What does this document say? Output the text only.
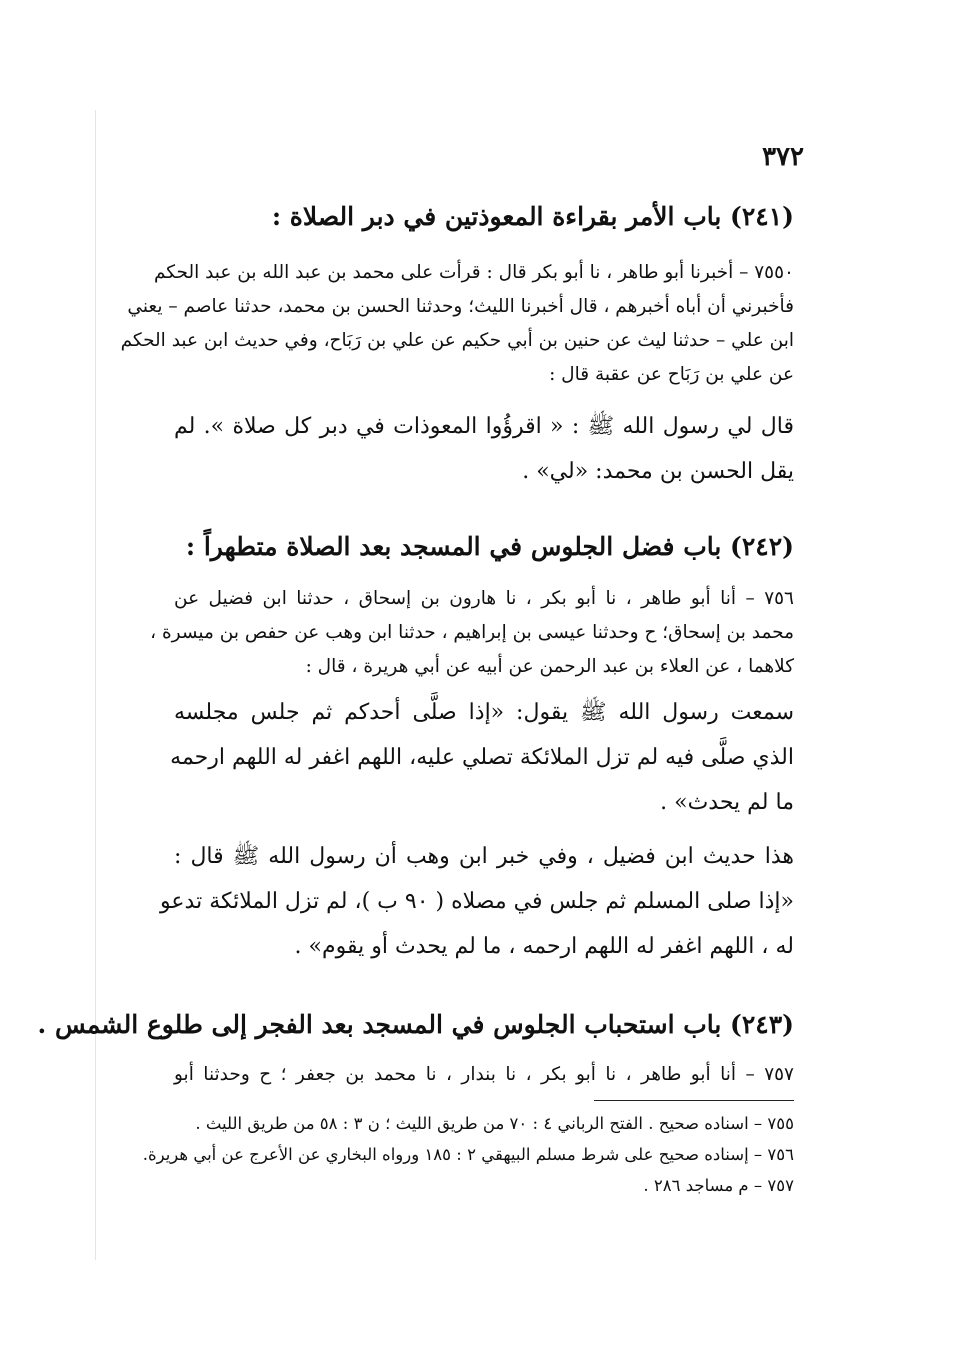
٣٧٢
(٢٤١) باب الأمر بقراءة المعوذتين في دبر الصلاة :
٧٥٥٠ – أخبرنا أبو طاهر ، نا أبو بكر قال : قرأت على محمد بن عبد الله بن عبد الحكم
فأخبرني أن أباه أخبرهم ، قال أخبرنا الليث؛ وحدثنا الحسن بن محمد، حدثنا عاصم – يعني
ابن علي – حدثنا ليث عن حنين بن أبي حكيم عن علي بن رَبَاح، وفي حديث ابن عبد الحكم
عن علي بن رَبَاح عن عقبة قال :
قال لي رسول الله ﷺ : « اقرؤُوا المعوذات في دبر كل صلاة ». لم
يقل الحسن بن محمد: «لي» .
(٢٤٢) باب فضل الجلوس في المسجد بعد الصلاة متطهراً :
٧٥٦ – أنا أبو طاهر ، نا أبو بكر ، نا هارون بن إسحاق ، حدثنا ابن فضيل عن
محمد بن إسحاق؛ ح وحدثنا عيسى بن إبراهيم ، حدثنا ابن وهب عن حفص بن ميسرة ،
كلاهما ، عن العلاء بن عبد الرحمن عن أبيه عن أبي هريرة ، قال :
سمعت رسول الله ﷺ يقول: «إذا صلَّى أحدكم ثم جلس مجلسه
الذي صلَّى فيه لم تزل الملائكة تصلي عليه، اللهم اغفر له اللهم ارحمه
ما لم يحدث» .
هذا حديث ابن فضيل ، وفي خبر ابن وهب أن رسول الله ﷺ قال :
«إذا صلى المسلم ثم جلس في مصلاه ( ٩٠ ب )، لم تزل الملائكة تدعو
له ، اللهم اغفر له اللهم ارحمه ، ما لم يحدث أو يقوم» .
(٢٤٣) باب استحباب الجلوس في المسجد بعد الفجر إلى طلوع الشمس .
٧٥٧ – أنا أبو طاهر ، نا أبو بكر ، نا بندار ، نا محمد بن جعفر ؛ ح وحدثنا أبو
٧٥٥ – اسناده صحيح . الفتح الرباني ٤ : ٧٠ من طريق الليث ؛ ن ٣ : ٥٨ من طريق الليث .
٧٥٦ – إسناده صحيح على شرط مسلم البيهقي ٢ : ١٨٥ ورواه البخاري عن الأعرج عن أبي هريرة.
٧٥٧ – م مساجد ٢٨٦ .
